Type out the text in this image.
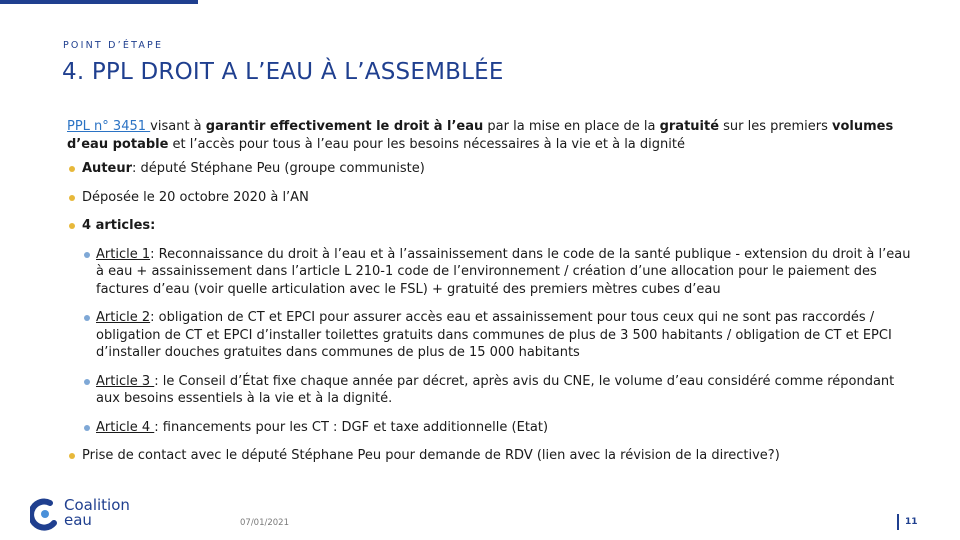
POINT D’ÉTAPE
4. PPL DROIT A L’EAU À L’ASSEMBLÉE

PPL n° 3451 visant à garantir effectivement le droit à l’eau par la mise en place de la gratuité sur les premiers volumes d’eau potable et l’accès pour tous à l’eau pour les besoins nécessaires à la vie et à la dignité

Auteur: député Stéphane Peu (groupe communiste)
Déposée le 20 octobre 2020 à l’AN
4 articles:
Article 1: Reconnaissance du droit à l’eau et à l’assainissement dans le code de la santé publique - extension du droit à l’eau à eau + assainissement dans l’article L 210-1 code de l’environnement / création d’une allocation pour le paiement des factures d’eau (voir quelle articulation avec le FSL) + gratuité des premiers mètres cubes d’eau
Article 2: obligation de CT et EPCI pour assurer accès eau et assainissement pour tous ceux qui ne sont pas raccordés / obligation de CT et EPCI d’installer toilettes gratuits dans communes de plus de 3 500 habitants / obligation de CT et EPCI d’installer douches gratuites dans communes de plus de 15 000 habitants
Article 3 : le Conseil d’État fixe chaque année par décret, après avis du CNE, le volume d’eau considéré comme répondant aux besoins essentiels à la vie et à la dignité.
Article 4 : financements pour les CT : DGF et taxe additionnelle (Etat)
Prise de contact avec le député Stéphane Peu pour demande de RDV (lien avec la révision de la directive?)
Coalition
eau	07/01/2021	11
